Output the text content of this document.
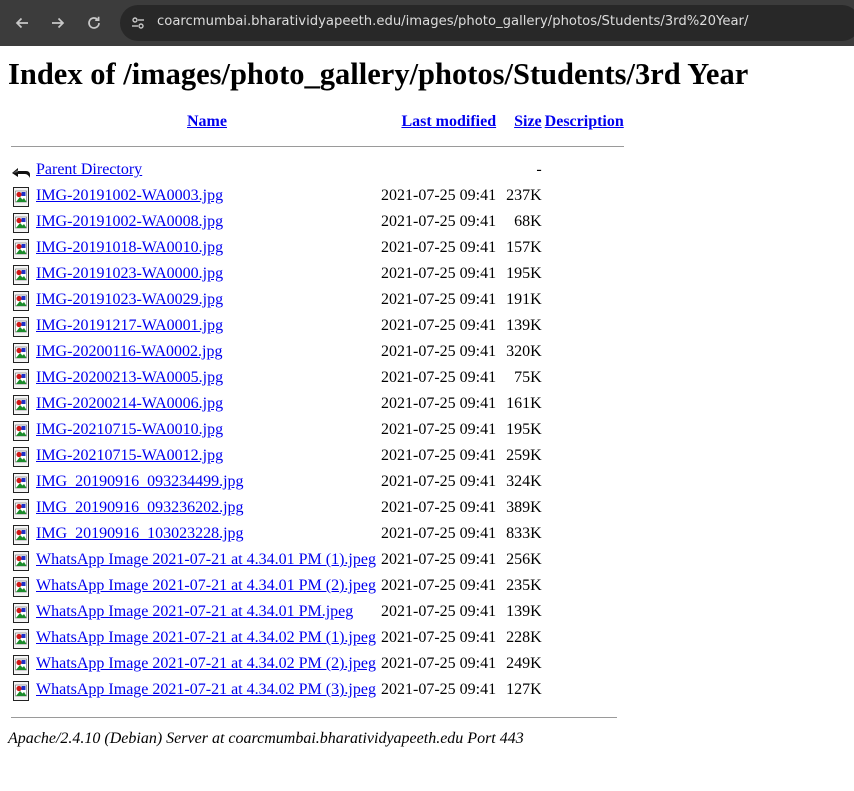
coarcmumbai.bharatividyapeeth.edu/images/photo_gallery/photos/Students/3rd%20Year/
Index of /images/photo_gallery/photos/Students/3rd Year
	Name	Last modified	Size	Description

	Parent Directory		-	

	IMG-20191002-WA0003.jpg	2021-07-25 09:41	237K	

	IMG-20191002-WA0008.jpg	2021-07-25 09:41	68K	

	IMG-20191018-WA0010.jpg	2021-07-25 09:41	157K	

	IMG-20191023-WA0000.jpg	2021-07-25 09:41	195K	

	IMG-20191023-WA0029.jpg	2021-07-25 09:41	191K	

	IMG-20191217-WA0001.jpg	2021-07-25 09:41	139K	

	IMG-20200116-WA0002.jpg	2021-07-25 09:41	320K	

	IMG-20200213-WA0005.jpg	2021-07-25 09:41	75K	

	IMG-20200214-WA0006.jpg	2021-07-25 09:41	161K	

	IMG-20210715-WA0010.jpg	2021-07-25 09:41	195K	

	IMG-20210715-WA0012.jpg	2021-07-25 09:41	259K	

	IMG_20190916_093234499.jpg	2021-07-25 09:41	324K	

	IMG_20190916_093236202.jpg	2021-07-25 09:41	389K	

	IMG_20190916_103023228.jpg	2021-07-25 09:41	833K	

	WhatsApp Image 2021-07-21 at 4.34.01 PM (1).jpeg	2021-07-25 09:41	256K	

	WhatsApp Image 2021-07-21 at 4.34.01 PM (2).jpeg	2021-07-25 09:41	235K	

	WhatsApp Image 2021-07-21 at 4.34.01 PM.jpeg	2021-07-25 09:41	139K	

	WhatsApp Image 2021-07-21 at 4.34.02 PM (1).jpeg	2021-07-25 09:41	228K	

	WhatsApp Image 2021-07-21 at 4.34.02 PM (2).jpeg	2021-07-25 09:41	249K	

	WhatsApp Image 2021-07-21 at 4.34.02 PM (3).jpeg	2021-07-25 09:41	127K	
Apache/2.4.10 (Debian) Server at coarcmumbai.bharatividyapeeth.edu Port 443
